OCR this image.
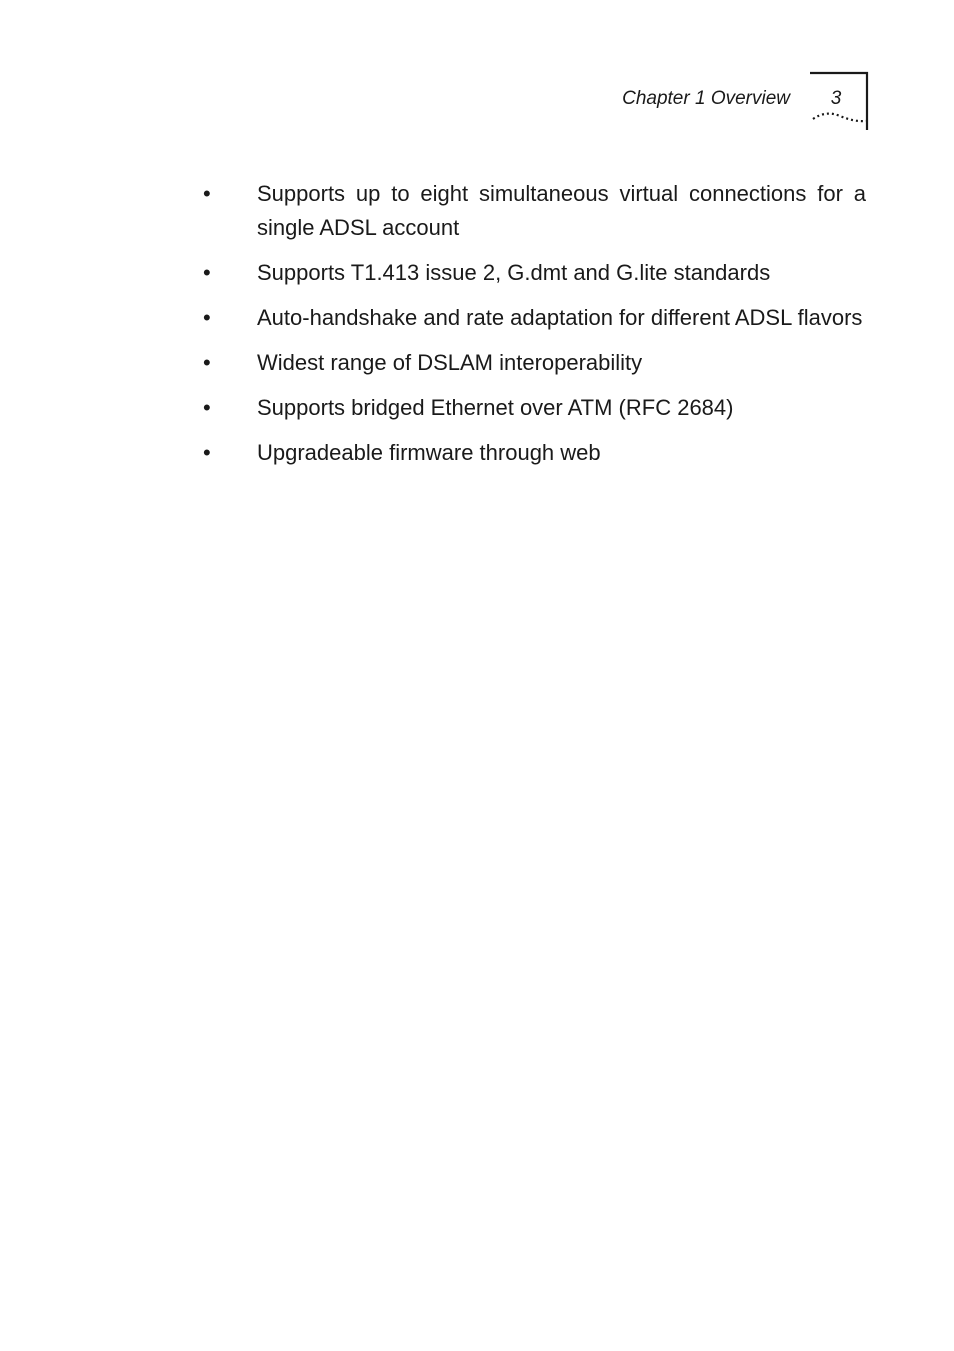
Chapter 1 Overview	3
• Supports up to eight simultaneous virtual connections for a single ADSL account
• Supports T1.413 issue 2, G.dmt and G.lite standards
• Auto-handshake and rate adaptation for different ADSL flavors
• Widest range of DSLAM interoperability
• Supports bridged Ethernet over ATM (RFC 2684)
• Upgradeable firmware through web
